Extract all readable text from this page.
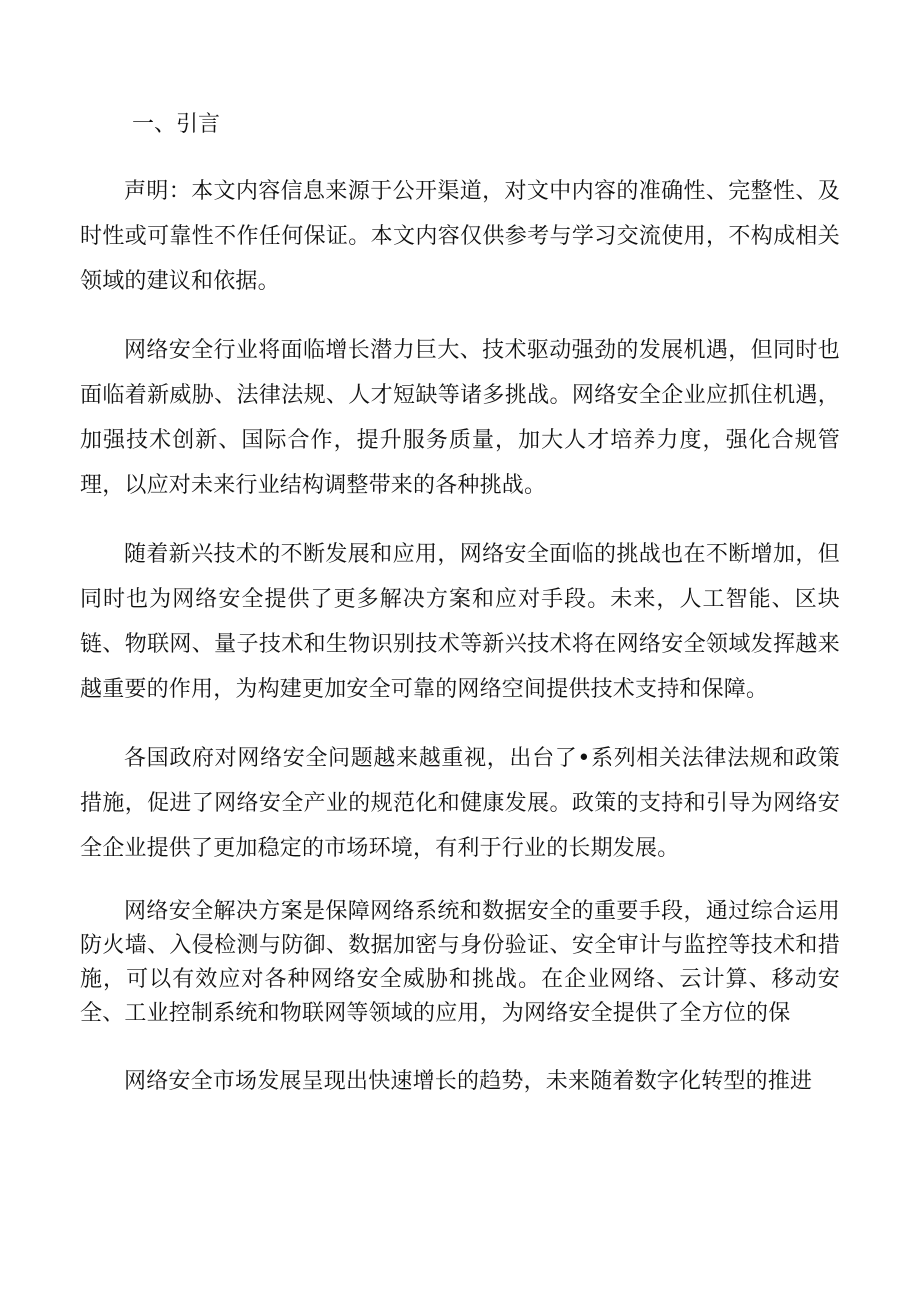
一、引言

声明：本文内容信息来源于公开渠道，对文中内容的准确性、完整性、及时性或可靠性不作任何保证。本文内容仅供参考与学习交流使用，不构成相关领域的建议和依据。

网络安全行业将面临增长潜力巨大、技术驱动强劲的发展机遇，但同时也面临着新威胁、法律法规、人才短缺等诸多挑战。网络安全企业应抓住机遇，加强技术创新、国际合作，提升服务质量，加大人才培养力度，强化合规管理，以应对未来行业结构调整带来的各种挑战。

随着新兴技术的不断发展和应用，网络安全面临的挑战也在不断增加，但同时也为网络安全提供了更多解决方案和应对手段。未来，人工智能、区块链、物联网、量子技术和生物识别技术等新兴技术将在网络安全领域发挥越来越重要的作用，为构建更加安全可靠的网络空间提供技术支持和保障。

各国政府对网络安全问题越来越重视，出台了•系列相关法律法规和政策措施，促进了网络安全产业的规范化和健康发展。政策的支持和引导为网络安全企业提供了更加稳定的市场环境，有利于行业的长期发展。

网络安全解决方案是保障网络系统和数据安全的重要手段，通过综合运用防火墙、入侵检测与防御、数据加密与身份验证、安全审计与监控等技术和措施，可以有效应对各种网络安全威胁和挑战。在企业网络、云计算、移动安全、工业控制系统和物联网等领域的应用，为网络安全提供了全方位的保

网络安全市场发展呈现出快速增长的趋势，未来随着数字化转型的推进
